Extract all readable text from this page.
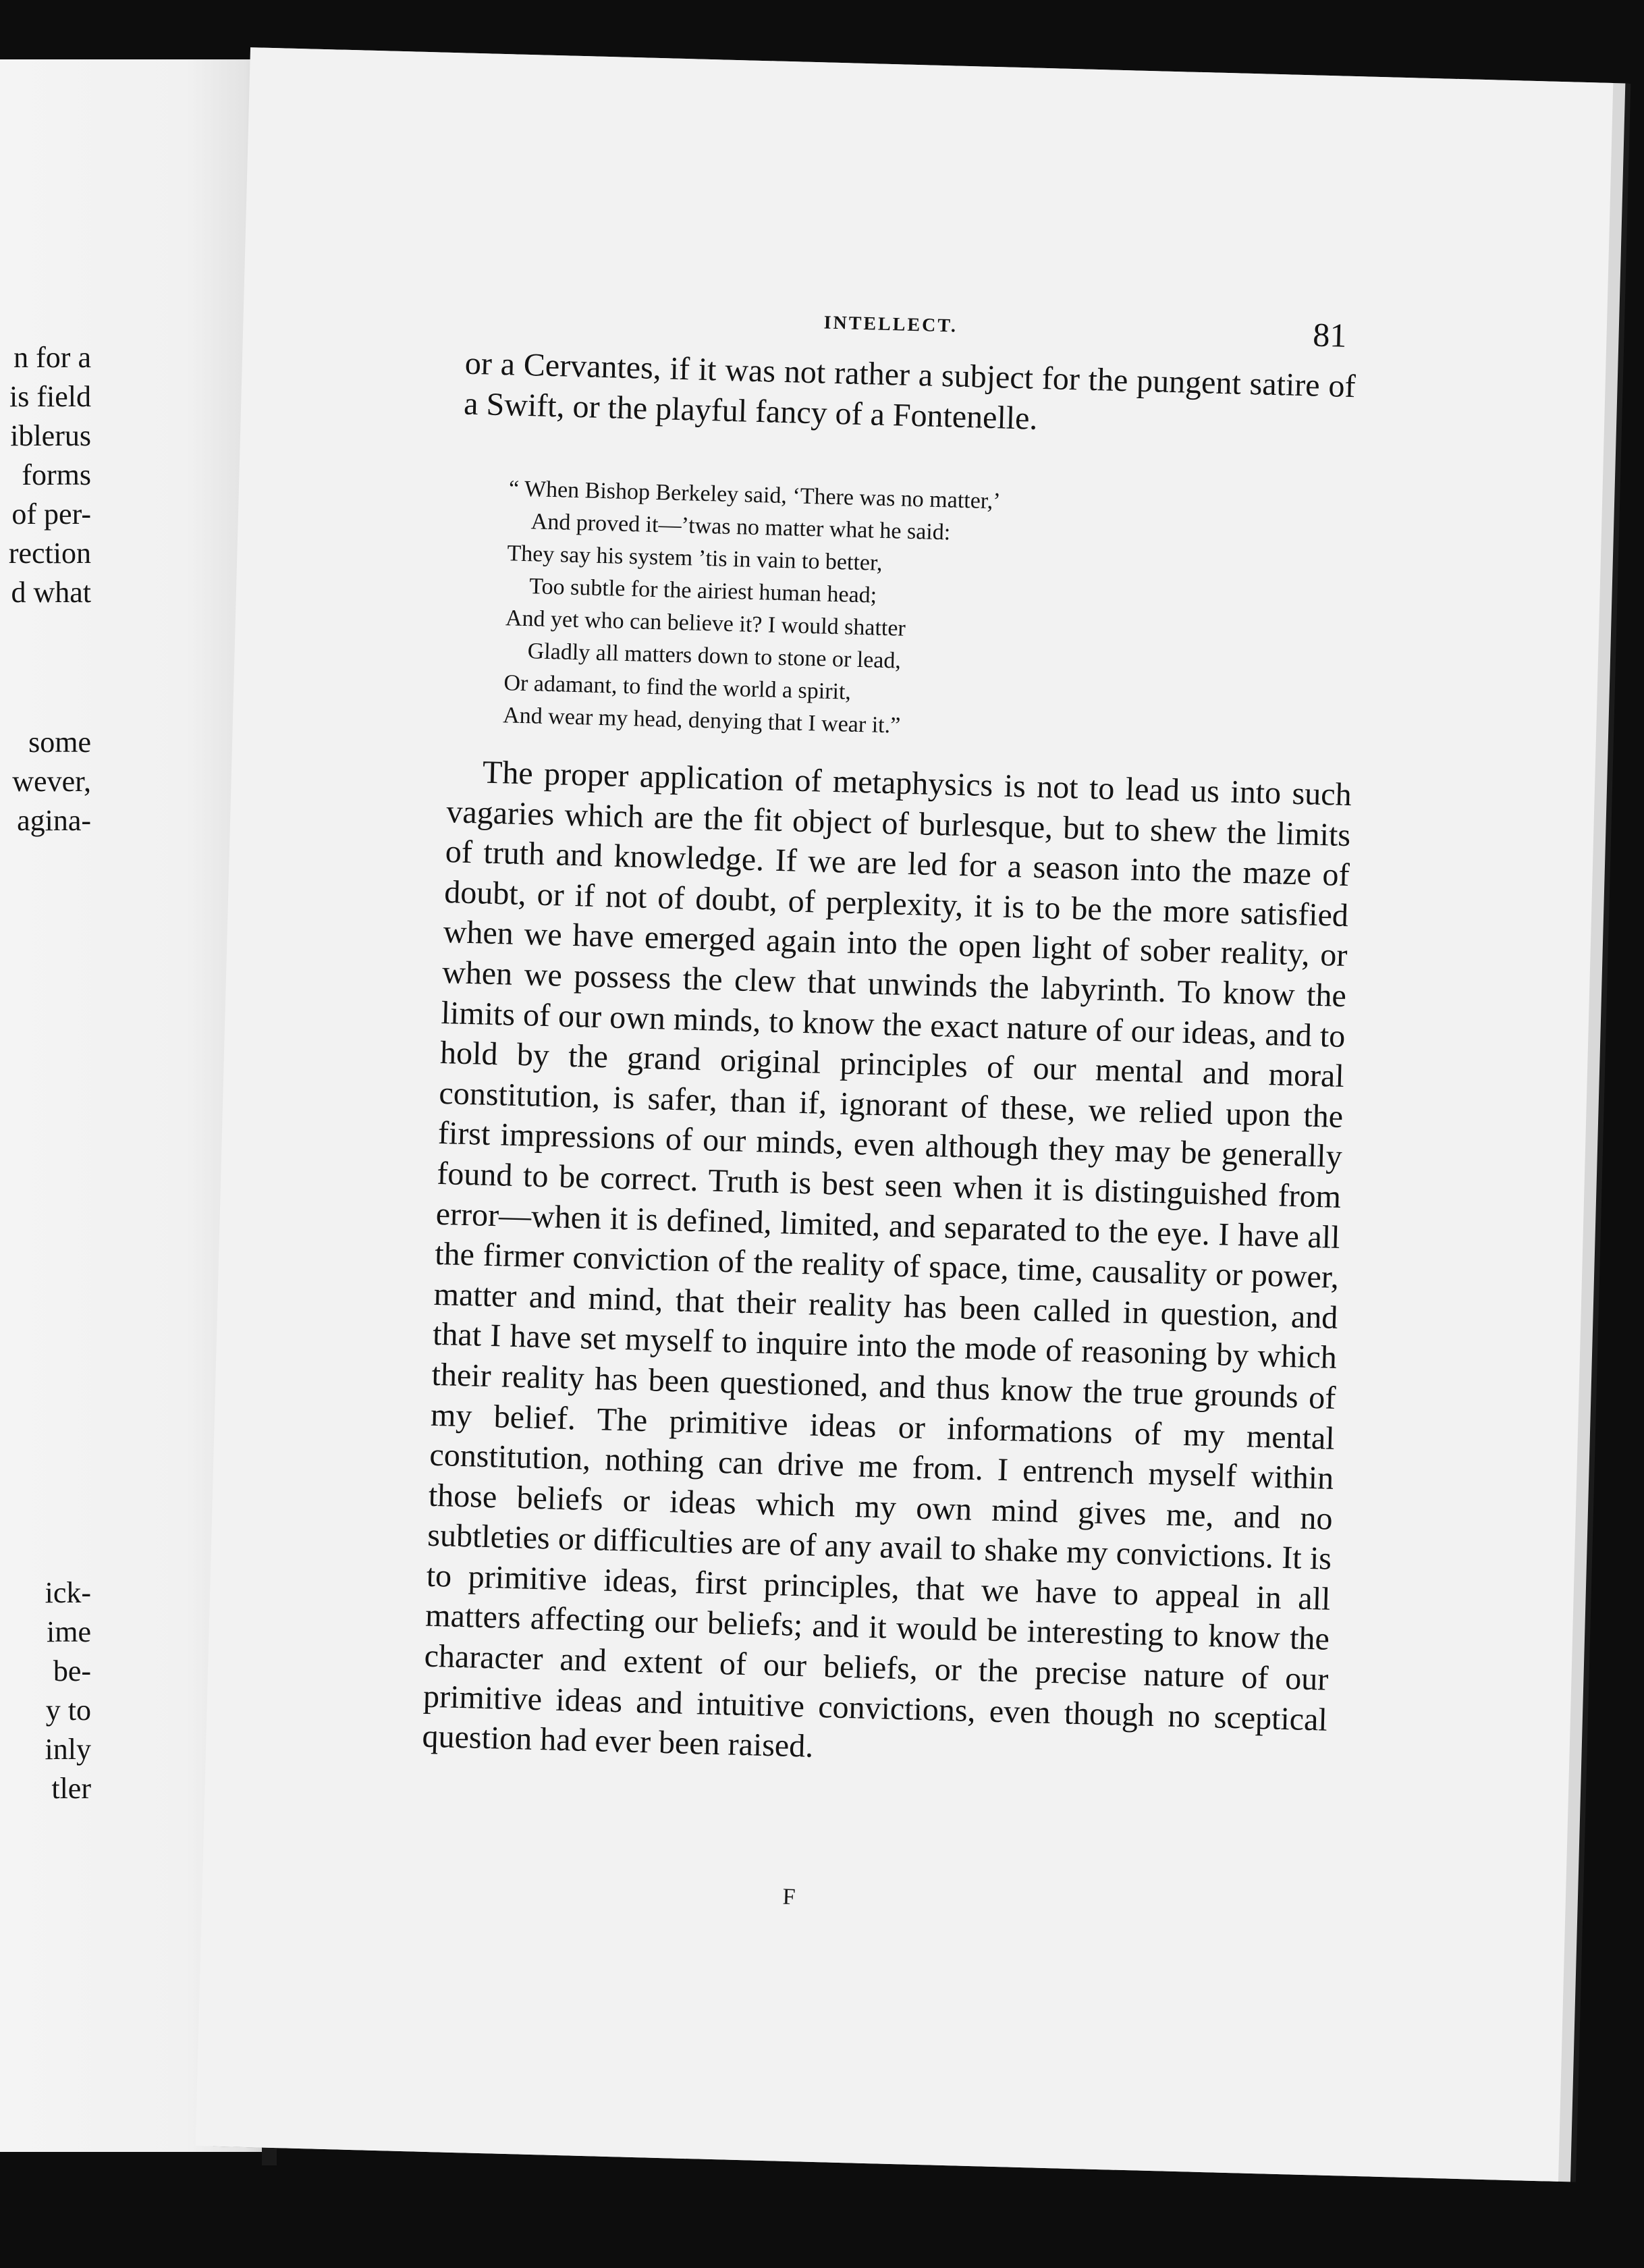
n for a
is field
iblerus
forms
of per-
rection
d what
some
wever,
agina-
ick-
ime
be-
y to
inly
tler
INTELLECT.	81
or a Cervantes, if it was not rather a subject for the pungent satire of a Swift, or the playful fancy of a Fontenelle.
“ When Bishop Berkeley said, ‘There was no matter,’
And proved it—’twas no matter what he said:
They say his system ’tis in vain to better,
Too subtle for the airiest human head;
And yet who can believe it? I would shatter
Gladly all matters down to stone or lead,
Or adamant, to find the world a spirit,
And wear my head, denying that I wear it.”
The proper application of metaphysics is not to lead us into such vagaries which are the fit object of burlesque, but to shew the limits of truth and knowledge. If we are led for a season into the maze of doubt, or if not of doubt, of perplexity, it is to be the more satisfied when we have emerged again into the open light of sober reality, or when we possess the clew that unwinds the labyrinth. To know the limits of our own minds, to know the exact nature of our ideas, and to hold by the grand original principles of our mental and moral constitution, is safer, than if, ignorant of these, we relied upon the first impressions of our minds, even although they may be generally found to be correct. Truth is best seen when it is distinguished from error—when it is defined, limited, and separated to the eye. I have all the firmer conviction of the reality of space, time, causality or power, matter and mind, that their reality has been called in question, and that I have set myself to inquire into the mode of reasoning by which their reality has been questioned, and thus know the true grounds of my belief. The primitive ideas or informations of my mental constitution, nothing can drive me from. I entrench myself within those beliefs or ideas which my own mind gives me, and no subtleties or difficulties are of any avail to shake my convictions. It is to primitive ideas, first principles, that we have to appeal in all matters affecting our beliefs; and it would be interesting to know the character and extent of our beliefs, or the precise nature of our primitive ideas and intuitive convictions, even though no sceptical question had ever been raised.
F
